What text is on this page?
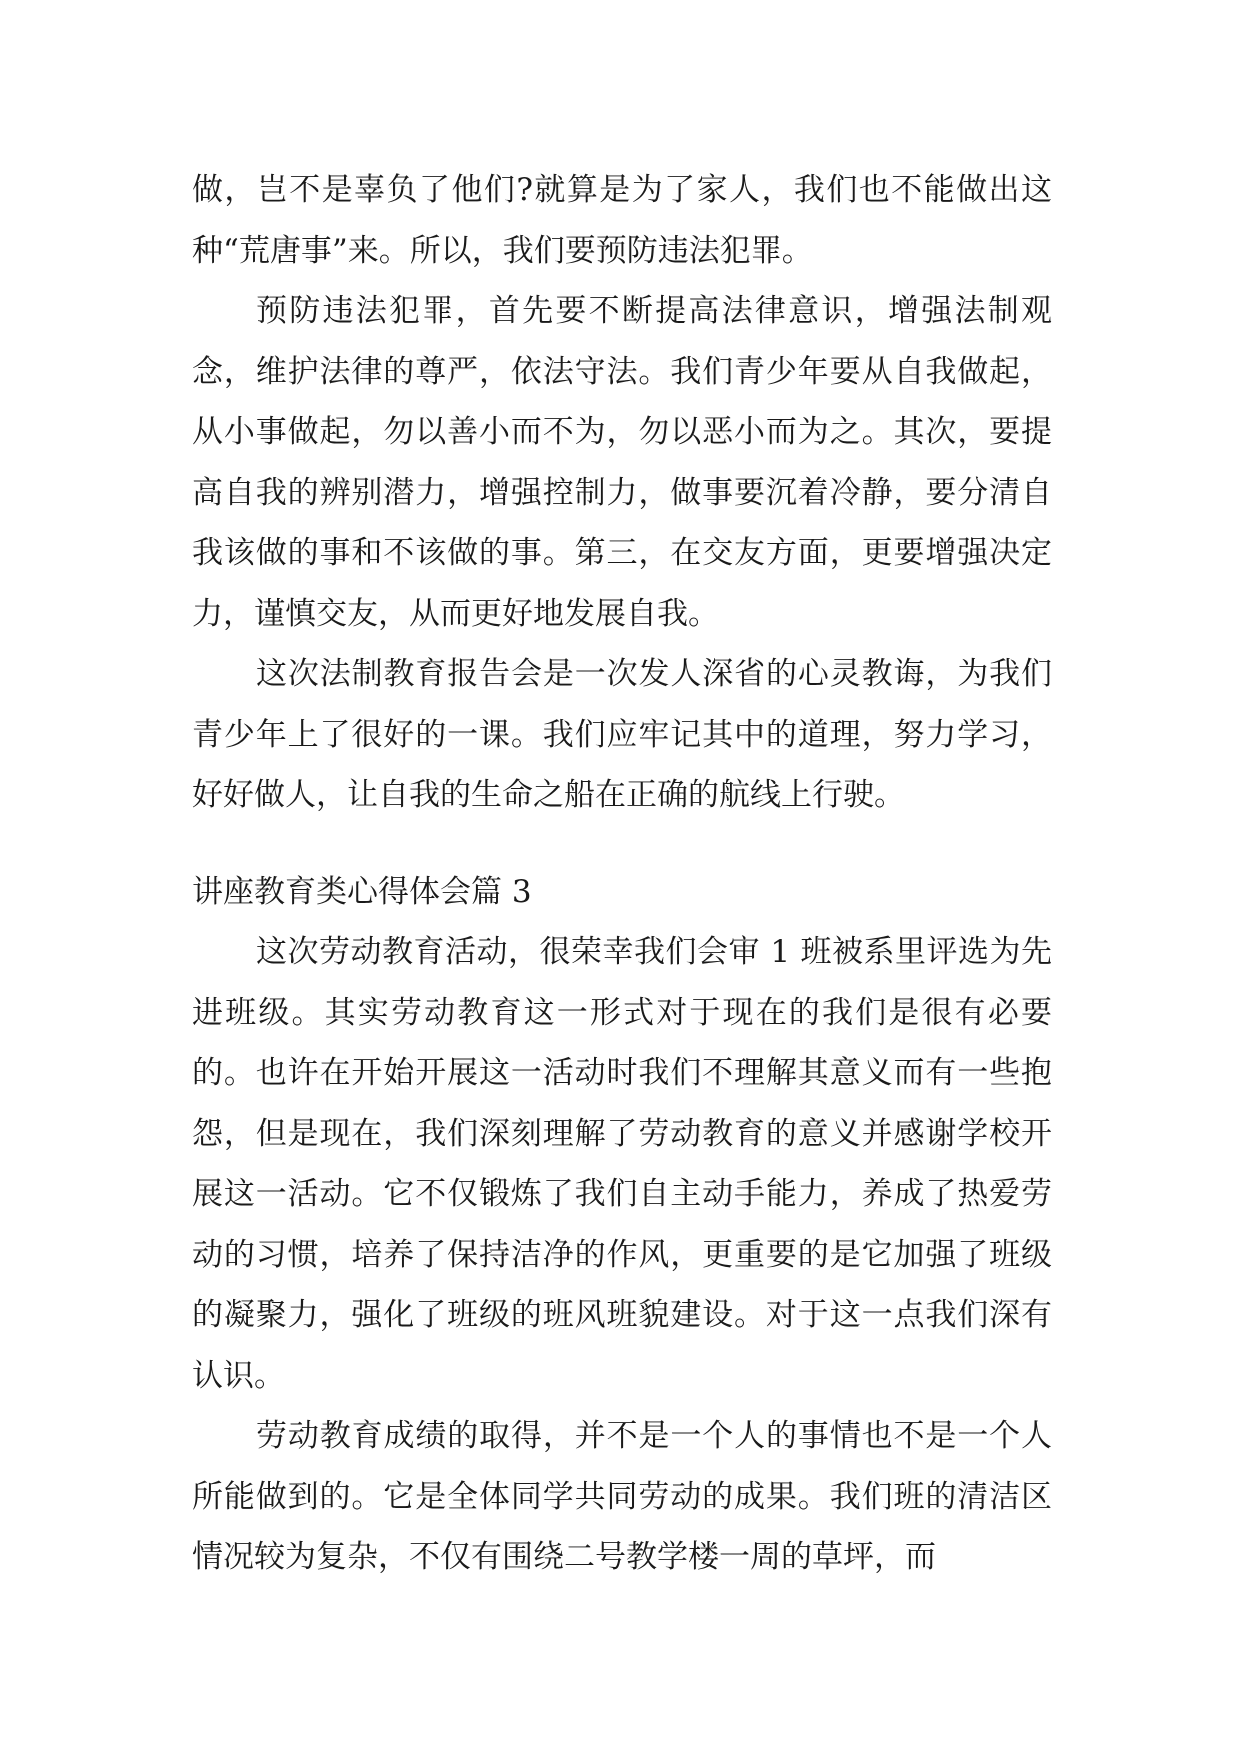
做，岂不是辜负了他们?就算是为了家人，我们也不能做出这种“荒唐事”来。所以，我们要预防违法犯罪。

预防违法犯罪，首先要不断提高法律意识，增强法制观念，维护法律的尊严，依法守法。我们青少年要从自我做起，从小事做起，勿以善小而不为，勿以恶小而为之。其次，要提高自我的辨别潜力，增强控制力，做事要沉着冷静，要分清自我该做的事和不该做的事。第三，在交友方面，更要增强决定力，谨慎交友，从而更好地发展自我。

这次法制教育报告会是一次发人深省的心灵教诲，为我们青少年上了很好的一课。我们应牢记其中的道理，努力学习，好好做人，让自我的生命之船在正确的航线上行驶。

讲座教育类心得体会篇 3

这次劳动教育活动，很荣幸我们会审 1 班被系里评选为先进班级。其实劳动教育这一形式对于现在的我们是很有必要的。也许在开始开展这一活动时我们不理解其意义而有一些抱怨，但是现在，我们深刻理解了劳动教育的意义并感谢学校开展这一活动。它不仅锻炼了我们自主动手能力，养成了热爱劳动的习惯，培养了保持洁净的作风，更重要的是它加强了班级的凝聚力，强化了班级的班风班貌建设。对于这一点我们深有认识。

劳动教育成绩的取得，并不是一个人的事情也不是一个人所能做到的。它是全体同学共同劳动的成果。我们班的清洁区情况较为复杂，不仅有围绕二号教学楼一周的草坪，而
